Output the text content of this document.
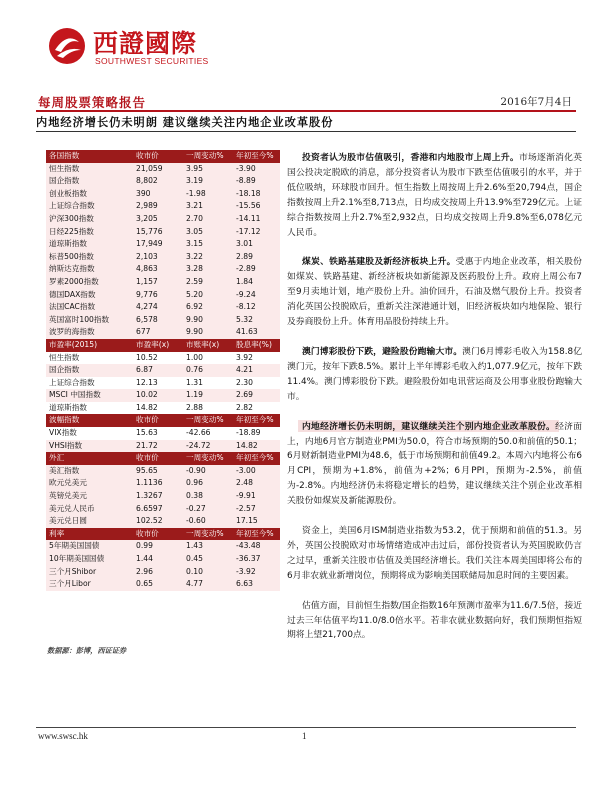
西證國際
SOUTHWEST SECURITIES
每周股票策略报告	2016年7月4日
内地经济增长仍未明朗 建议继续关注内地企业改革股份
各国指数	收市价	一周变动%	年初至今%
恒生指数	21,059	3.95	-3.90
国企指数	8,802	3.19	-8.89
创业板指数	390	-1.98	-18.18
上证综合指数	2,989	3.21	-15.56
沪深300指数	3,205	2.70	-14.11
日经225指数	15,776	3.05	-17.12
道琼斯指数	17,949	3.15	3.01
标普500指数	2,103	3.22	2.89
纳斯达克指数	4,863	3.28	-2.89
罗素2000指数	1,157	2.59	1.84
德国DAX指数	9,776	5.20	-9.24
法国CAC指数	4,274	6.92	-8.12
英国富时100指数	6,578	9.90	5.32
波罗的海指数	677	9.90	41.63
市盈率(2015)	市盈率(x)	市账率(x)	股息率(%)
恒生指数	10.52	1.00	3.92
国企指数	6.87	0.76	4.21
上证综合指数	12.13	1.31	2.30
MSCI 中国指数	10.02	1.19	2.69
道琼斯指数	14.82	2.88	2.82
波幅指数	收市价	一周变动%	年初至今%
VIX指数	15.63	-42.66	-18.89
VHSI指数	21.72	-24.72	14.82
外汇	收市价	一周变动%	年初至今%
美汇指数	95.65	-0.90	-3.00
欧元兑美元	1.1136	0.96	2.48
英镑兑美元	1.3267	0.38	-9.91
美元兑人民币	6.6597	-0.27	-2.57
美元兑日圆	102.52	-0.60	17.15
利率	收市价	一周变动%	年初至今%
5年期美国国债	0.99	1.43	-43.48
10年期美国国债	1.44	0.45	-36.37
三个月Shibor	2.96	0.10	-3.92
三个月Libor	0.65	4.77	6.63
数据源：彭博，西证证券

投资者认为股市估值吸引，香港和内地股市上周上升。市场逐渐消化英国公投决定脱欧的消息，部分投资者认为股市下跌至估值吸引的水平，并于低位吸纳，环球股市回升。恒生指数上周按周上升2.6%至20,794点，国企指数按周上升2.1%至8,713点，日均成交按周上升13.9%至729亿元。上证综合指数按周上升2.7%至2,932点，日均成交按周上升9.8%至6,078亿元人民币。

煤炭、铁路基建股及新经济板块上升。受惠于内地企业改革，相关股份如煤炭、铁路基建、新经济板块如新能源及医药股份上升。政府上周公布7至9月卖地计划，地产股份上升。油价回升，石油及燃气股份上升。投资者消化英国公投脱欧后，重新关注深港通计划，旧经济板块如内地保险、银行及券商股份上升。体育用品股份持续上升。

澳门博彩股份下跌，避险股份跑输大市。澳门6月博彩毛收入为158.8亿澳门元，按年下跌8.5%。累计上半年博彩毛收入约1,077.9亿元，按年下跌11.4%。澳门博彩股份下跌。避险股份如电讯营运商及公用事业股份跑输大市。

内地经济增长仍未明朗，建议继续关注个别内地企业改革股份。经济面上，内地6月官方制造业PMI为50.0，符合市场预期的50.0和前值的50.1；6月财新制造业PMI为48.6，低于市场预期和前值49.2。本周六内地将公布6月CPI，预期为+1.8%，前值为+2%；6月PPI，预期为-2.5%，前值为-2.8%。内地经济仍未将稳定增长的趋势，建议继续关注个别企业改革相关股份如煤炭及新能源股份。

资金上，美国6月ISM制造业指数为53.2，优于预期和前值的51.3。另外，英国公投脱欧对市场情绪造成冲击过后，部份投资者认为英国脱欧仍言之过早，重新关注股市估值及美国经济增长。我们关注本周美国即将公布的6月非农就业新增岗位，预期将成为影响美国联储局加息时间的主要因素。

估值方面，目前恒生指数/国企指数16年预测市盈率为11.6/7.5倍，接近过去三年估值平均11.0/8.0倍水平。若非农就业数据向好，我们预期恒指短期将上望21,700点。

www.swsc.hk	1
